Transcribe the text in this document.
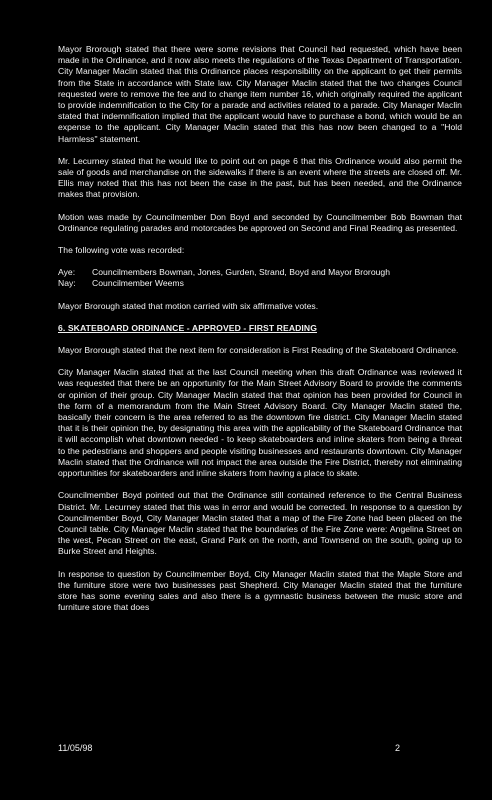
Mayor Brorough stated that there were some revisions that Council had requested, which have been made in the Ordinance, and it now also meets the regulations of the Texas Department of Transportation. City Manager Maclin stated that this Ordinance places responsibility on the applicant to get their permits from the State in accordance with State law. City Manager Maclin stated that the two changes Council requested were to remove the fee and to change item number 16, which originally required the applicant to provide indemnification to the City for a parade and activities related to a parade. City Manager Maclin stated that indemnification implied that the applicant would have to purchase a bond, which would be an expense to the applicant. City Manager Maclin stated that this has now been changed to a "Hold Harmless" statement.

Mr. Lecurney stated that he would like to point out on page 6 that this Ordinance would also permit the sale of goods and merchandise on the sidewalks if there is an event where the streets are closed off. Mr. Ellis may noted that this has not been the case in the past, but has been needed, and the Ordinance makes that provision.

Motion was made by Councilmember Don Boyd and seconded by Councilmember Bob Bowman that Ordinance regulating parades and motorcades be approved on Second and Final Reading as presented.

The following vote was recorded:

Aye:	Councilmembers Bowman, Jones, Gurden, Strand, Boyd and Mayor Brorough
Nay:	Councilmember Weems

Mayor Brorough stated that motion carried with six affirmative votes.

6. SKATEBOARD ORDINANCE - APPROVED - FIRST READING

Mayor Brorough stated that the next item for consideration is First Reading of the Skateboard Ordinance.

City Manager Maclin stated that at the last Council meeting when this draft Ordinance was reviewed it was requested that there be an opportunity for the Main Street Advisory Board to provide the comments or opinion of their group. City Manager Maclin stated that that opinion has been provided for Council in the form of a memorandum from the Main Street Advisory Board. City Manager Maclin stated the, basically their concern is the area referred to as the downtown fire district. City Manager Maclin stated that it is their opinion the, by designating this area with the applicability of the Skateboard Ordinance that it will accomplish what downtown needed - to keep skateboarders and inline skaters from being a threat to the pedestrians and shoppers and people visiting businesses and restaurants downtown. City Manager Maclin stated that the Ordinance will not impact the area outside the Fire District, thereby not eliminating opportunities for skateboarders and inline skaters from having a place to skate.

Councilmember Boyd pointed out that the Ordinance still contained reference to the Central Business District. Mr. Lecurney stated that this was in error and would be corrected. In response to a question by Councilmember Boyd, City Manager Maclin stated that a map of the Fire Zone had been placed on the Council table. City Manager Maclin stated that the boundaries of the Fire Zone were: Angelina Street on the west, Pecan Street on the east, Grand Park on the north, and Townsend on the south, going up to Burke Street and Heights.

In response to question by Councilmember Boyd, City Manager Maclin stated that the Maple Store and the furniture store were two businesses past Shepherd. City Manager Maclin stated that the furniture store has some evening sales and also there is a gymnastic business between the music store and furniture store that does

11/05/98	2
